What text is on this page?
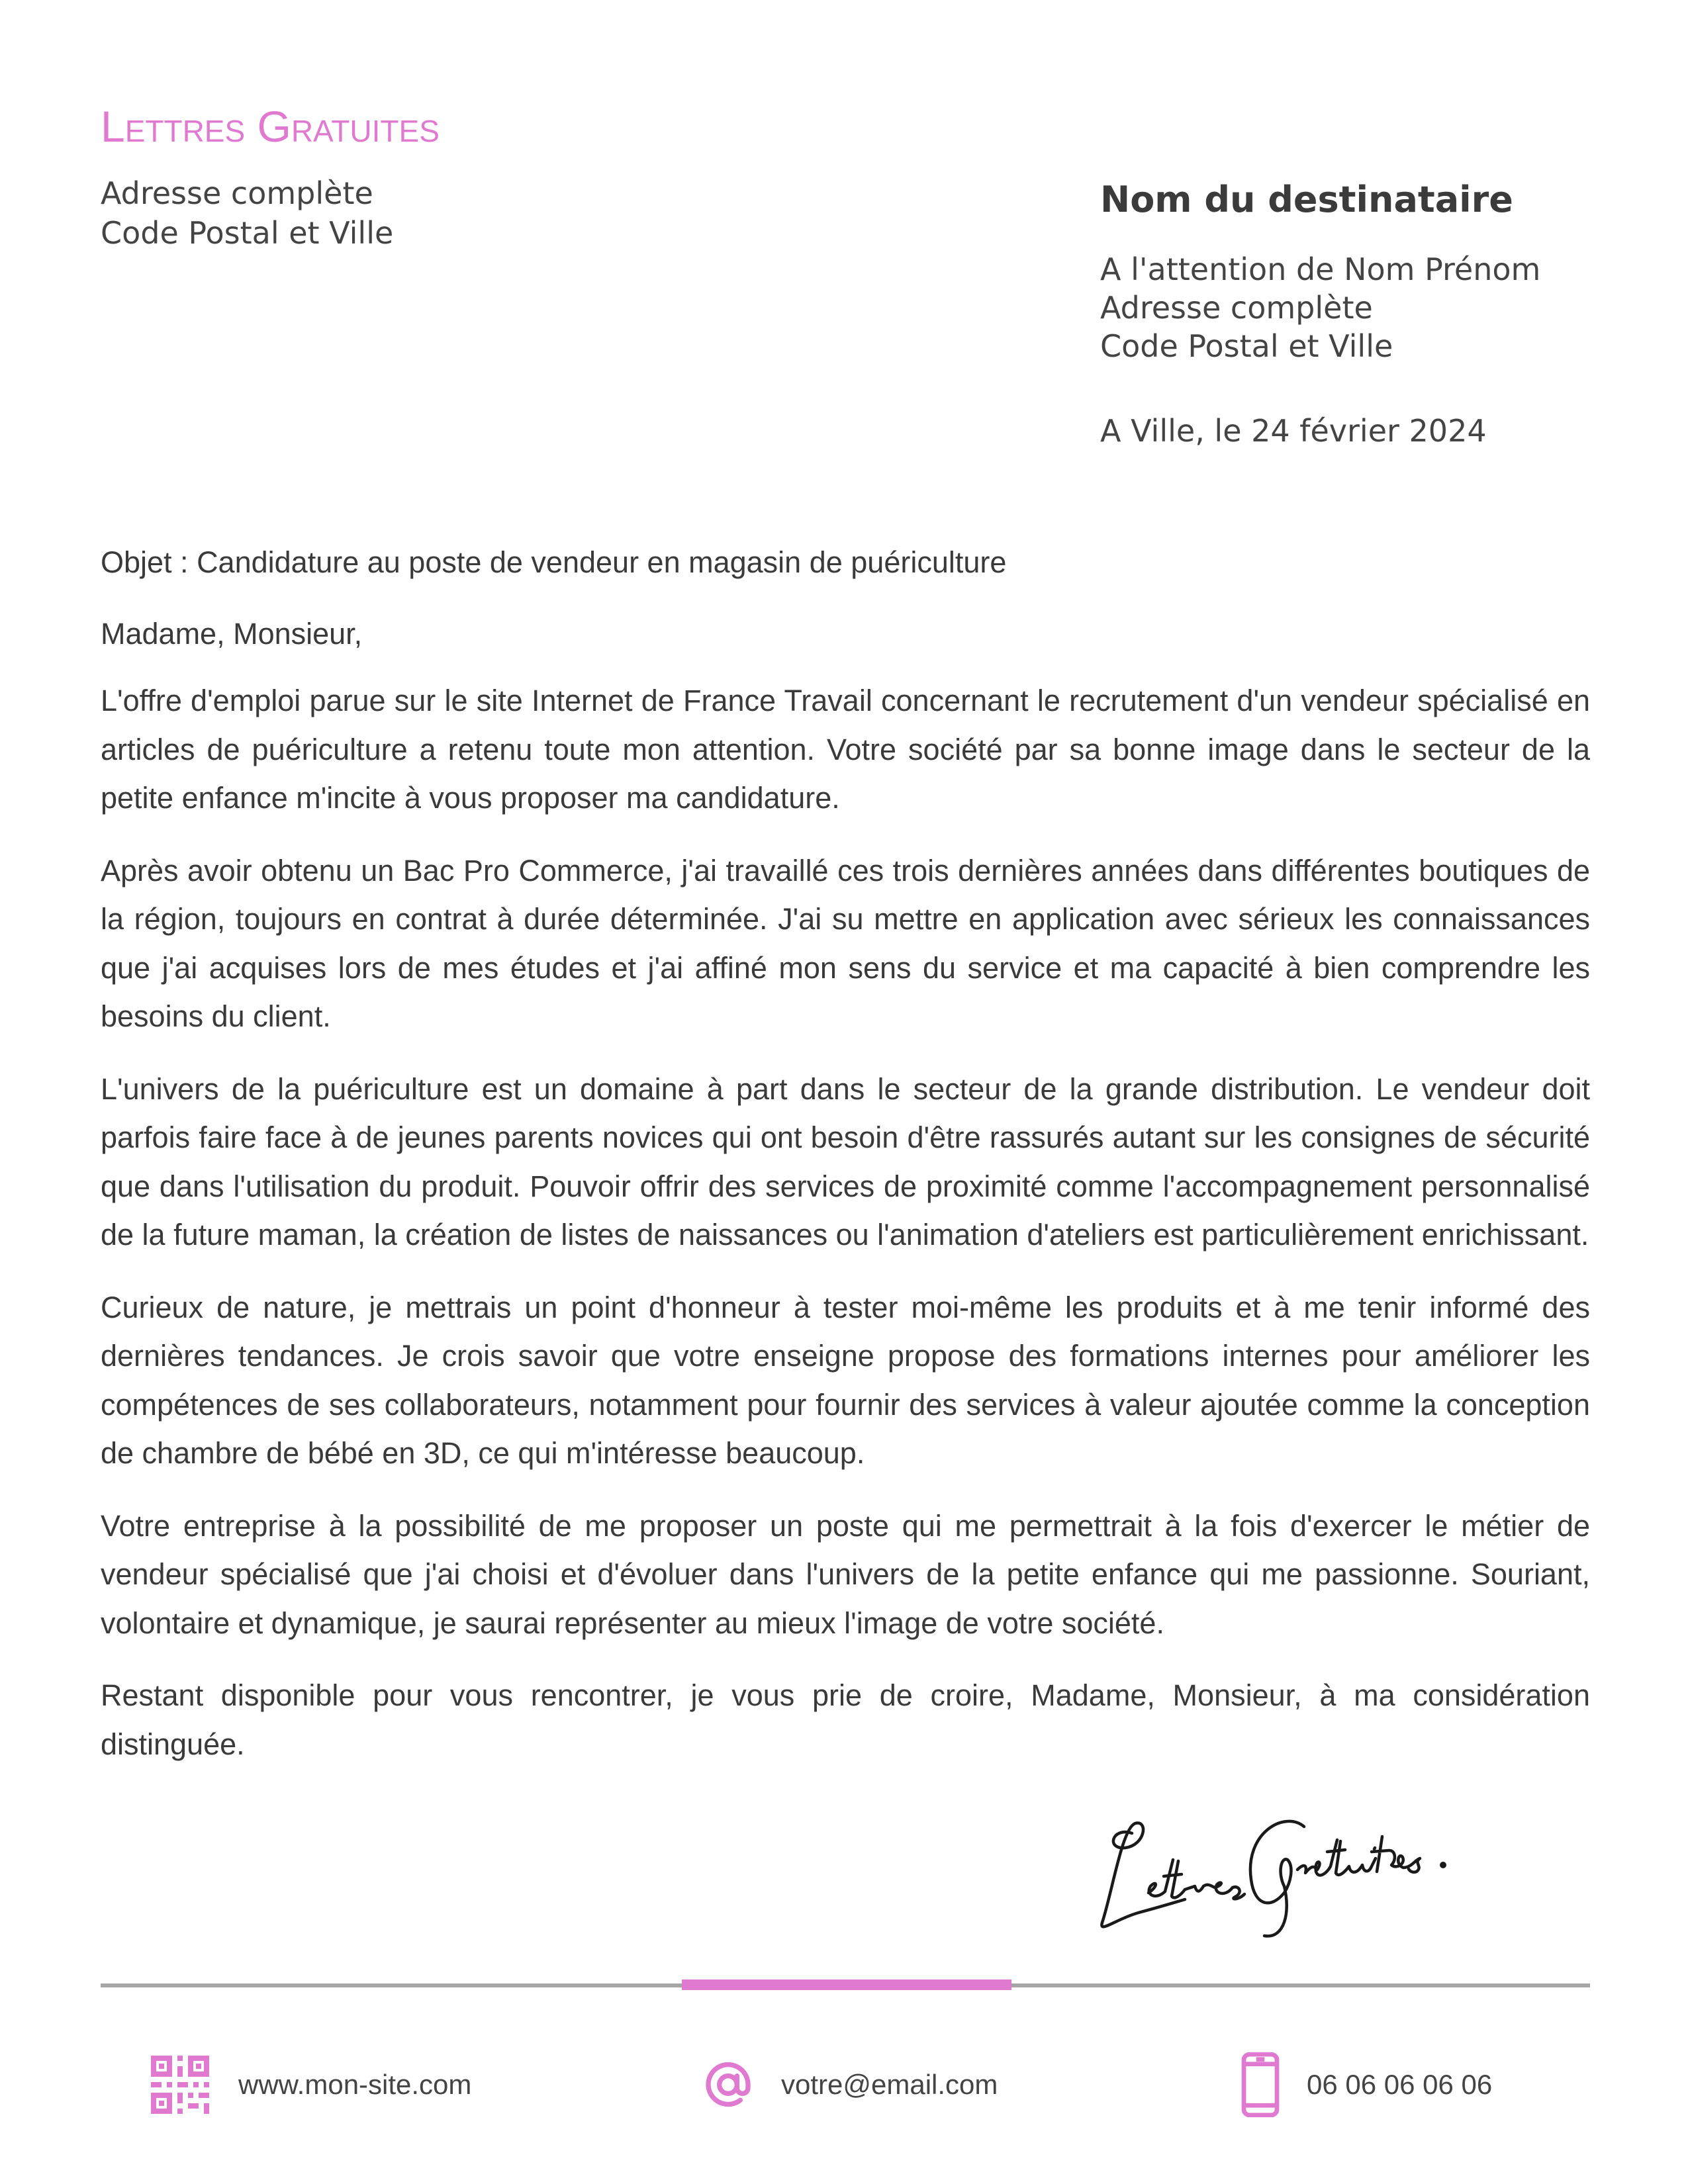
Lettres Gratuites
Adresse complète
Code Postal et Ville
Nom du destinataire
A l'attention de Nom Prénom
Adresse complète
Code Postal et Ville
A Ville, le 24 février 2024
Objet : Candidature au poste de vendeur en magasin de puériculture
Madame, Monsieur,

L'offre d'emploi parue sur le site Internet de France Travail concernant le recrutement d'un vendeur spécialisé en articles de puériculture a retenu toute mon attention. Votre société par sa bonne image dans le secteur de la petite enfance m'incite à vous proposer ma candidature.

Après avoir obtenu un Bac Pro Commerce, j'ai travaillé ces trois dernières années dans différentes boutiques de la région, toujours en contrat à durée déterminée. J'ai su mettre en application avec sérieux les connaissances que j'ai acquises lors de mes études et j'ai affiné mon sens du service et ma capacité à bien comprendre les besoins du client.

L'univers de la puériculture est un domaine à part dans le secteur de la grande distribution. Le vendeur doit parfois faire face à de jeunes parents novices qui ont besoin d'être rassurés autant sur les consignes de sécurité que dans l'utilisation du produit. Pouvoir offrir des services de proximité comme l'accompagnement personnalisé de la future maman, la création de listes de naissances ou l'animation d'ateliers est particulièrement enrichissant.

Curieux de nature, je mettrais un point d'honneur à tester moi-même les produits et à me tenir informé des dernières tendances. Je crois savoir que votre enseigne propose des formations internes pour améliorer les compétences de ses collaborateurs, notamment pour fournir des services à valeur ajoutée comme la conception de chambre de bébé en 3D, ce qui m'intéresse beaucoup.

Votre entreprise à la possibilité de me proposer un poste qui me permettrait à la fois d'exercer le métier de vendeur spécialisé que j'ai choisi et d'évoluer dans l'univers de la petite enfance qui me passionne. Souriant, volontaire et dynamique, je saurai représenter au mieux l'image de votre société.

Restant disponible pour vous rencontrer, je vous prie de croire, Madame, Monsieur, à ma considération distinguée.

www.mon-site.com	votre@email.com	06 06 06 06 06
